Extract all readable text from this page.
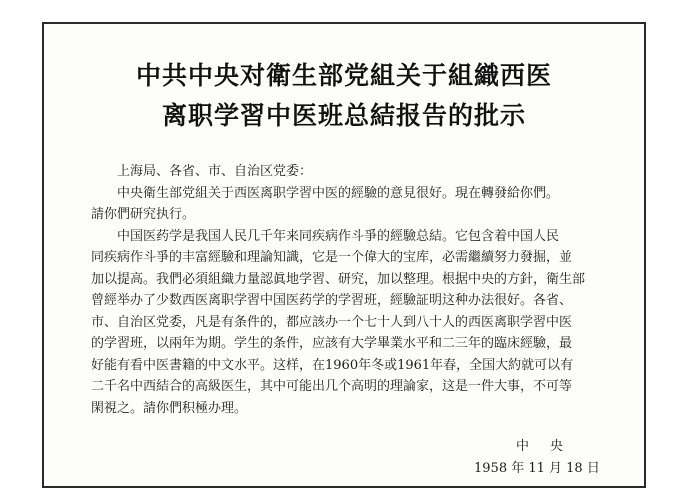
中共中央对衛生部党組关于組織西医
离职学習中医班总結报告的批示
上海局、各省、市、自治区党委：
中央衛生部党組关于西医离职学習中医的經驗的意見很好。現在轉發給你們。
請你們研究执行。
中国医药学是我国人民几千年来同疾病作斗爭的經驗总結。它包含着中国人民
同疾病作斗爭的丰富經驗和理論知識，它是一个偉大的宝库，必需繼續努力發掘，並
加以提高。我們必須組織力量認眞地学習、研究，加以整理。根据中央的方針，衛生部
曾經举办了少数西医离职学習中国医药学的学習班，經驗証明这种办法很好。各省、
市、自治区党委，凡是有条件的，都应該办一个七十人到八十人的西医离职学習中医
的学習班，以兩年为期。学生的条件，应該有大学畢業水平和二三年的臨床經驗，最
好能有看中医書籍的中文水平。这样，在1960年冬或1961年春，全国大約就可以有
二千名中西結合的高級医生，其中可能出几个高明的理論家，这是一件大事，不可等
閑視之。請你們积極办理。
中　央
1958 年 11 月 18 日
